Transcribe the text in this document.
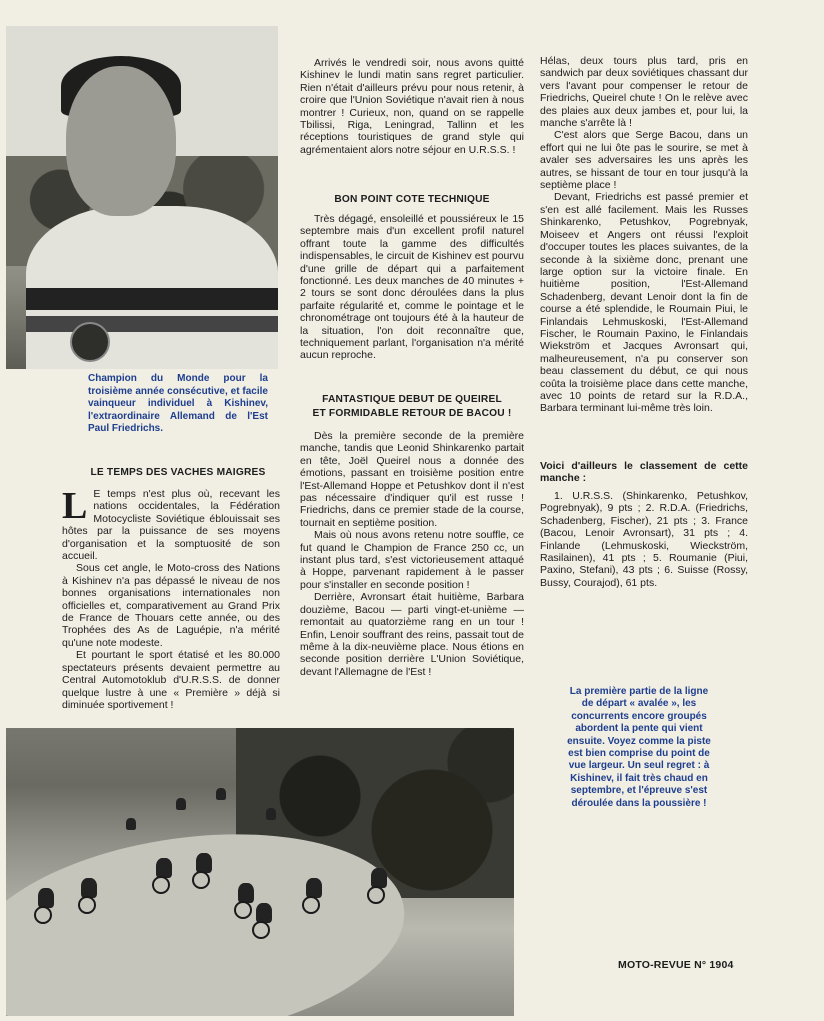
Champion du Monde pour la troisième année consécutive, et facile vainqueur individuel à Kishinev, l'extraordinaire Allemand de l'Est Paul Friedrichs.
LE TEMPS DES VACHES MAIGRES

L E temps n'est plus où, recevant les nations occidentales, la Fédération Motocycliste Soviétique éblouissait ses hôtes par la puissance de ses moyens d'organisation et la somptuosité de son accueil.

Sous cet angle, le Moto-cross des Nations à Kishinev n'a pas dépassé le niveau de nos bonnes organisations internationales non officielles et, comparativement au Grand Prix de France de Thouars cette année, ou des Trophées des As de Laguépie, n'a mérité qu'une note modeste.

Et pourtant le sport étatisé et les 80.000 spectateurs présents devaient permettre au Central Automotoklub d'U.R.S.S. de donner quelque lustre à une « Première » déjà si diminuée sportivement !

Arrivés le vendredi soir, nous avons quitté Kishinev le lundi matin sans regret particulier. Rien n'était d'ailleurs prévu pour nous retenir, à croire que l'Union Soviétique n'avait rien à nous montrer ! Curieux, non, quand on se rappelle Tbilissi, Riga, Leningrad, Tallinn et les réceptions touristiques de grand style qui agrémentaient alors notre séjour en U.R.S.S. !

BON POINT COTE TECHNIQUE

Très dégagé, ensoleillé et poussiéreux le 15 septembre mais d'un excellent profil naturel offrant toute la gamme des difficultés indispensables, le circuit de Kishinev est pourvu d'une grille de départ qui a parfaitement fonctionné. Les deux manches de 40 minutes + 2 tours se sont donc déroulées dans la plus parfaite régularité et, comme le pointage et le chronométrage ont toujours été à la hauteur de la situation, l'on doit reconnaître que, techniquement parlant, l'organisation n'a mérité aucun reproche.

FANTASTIQUE DEBUT DE QUEIREL
ET FORMIDABLE RETOUR DE BACOU !

Dès la première seconde de la première manche, tandis que Leonid Shinkarenko partait en tête, Joël Queirel nous a donnée des émotions, passant en troisième position entre l'Est-Allemand Hoppe et Petushkov dont il n'est pas nécessaire d'indiquer qu'il est russe ! Friedrichs, dans ce premier stade de la course, tournait en septième position.

Mais où nous avons retenu notre souffle, ce fut quand le Champion de France 250 cc, un instant plus tard, s'est victorieusement attaqué à Hoppe, parvenant rapidement à le passer pour s'installer en seconde position !

Derrière, Avronsart était huitième, Barbara douzième, Bacou — parti vingt-et-unième — remontait au quatorzième rang en un tour ! Enfin, Lenoir souffrant des reins, passait tout de même à la dix-neuvième place. Nous étions en seconde position derrière L'Union Soviétique, devant l'Allemagne de l'Est !

Hélas, deux tours plus tard, pris en sandwich par deux soviétiques chassant dur vers l'avant pour compenser le retour de Friedrichs, Queirel chute ! On le relève avec des plaies aux deux jambes et, pour lui, la manche s'arrête là !

C'est alors que Serge Bacou, dans un effort qui ne lui ôte pas le sourire, se met à avaler ses adversaires les uns après les autres, se hissant de tour en tour jusqu'à la septième place !

Devant, Friedrichs est passé premier et s'en est allé facilement. Mais les Russes Shinkarenko, Petushkov, Pogrebnyak, Moiseev et Angers ont réussi l'exploit d'occuper toutes les places suivantes, de la seconde à la sixième donc, prenant une large option sur la victoire finale. En huitième position, l'Est-Allemand Schadenberg, devant Lenoir dont la fin de course a été splendide, le Roumain Piui, le Finlandais Lehmuskoski, l'Est-Allemand Fischer, le Roumain Paxino, le Finlandais Wiekström et Jacques Avronsart qui, malheureusement, n'a pu conserver son beau classement du début, ce qui nous coûta la troisième place dans cette manche, avec 10 points de retard sur la R.D.A., Barbara terminant lui-même très loin.

Voici d'ailleurs le classement de cette manche :

1. U.R.S.S. (Shinkarenko, Petushkov, Pogrebnyak), 9 pts ; 2. R.D.A. (Friedrichs, Schadenberg, Fischer), 21 pts ; 3. France (Bacou, Lenoir Avronsart), 31 pts ; 4. Finlande (Lehmuskoski, Wieckström, Rasilainen), 41 pts ; 5. Roumanie (Piui, Paxino, Stefani), 43 pts ; 6. Suisse (Rossy, Bussy, Courajod), 61 pts.

La première partie de la ligne de départ « avalée », les concurrents encore groupés abordent la pente qui vient ensuite. Voyez comme la piste est bien comprise du point de vue largeur. Un seul regret : à Kishinev, il fait très chaud en septembre, et l'épreuve s'est déroulée dans la poussière !
MOTO-REVUE N° 1904
